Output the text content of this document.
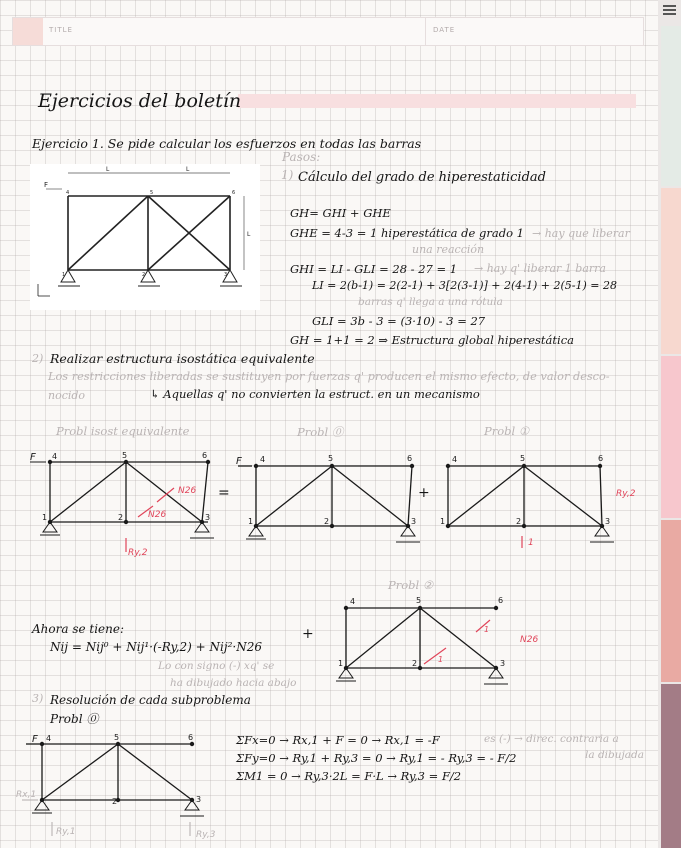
TITLE	DATE
Ejercicios del boletín
Ejercicio 1. Se pide calcular los esfuerzos en todas las barras
Pasos:
1) Cálculo del grado de hiperestaticidad
GH= GHI + GHE
GHE = 4-3 = 1 hiperestática de grado 1 → hay que liberar
una reacción
GHI = LI - GLI = 28 - 27 = 1 → hay q' liberar 1 barra
LI = 2(b-1) = 2(2-1) + 3[2(3-1)] + 2(4-1) + 2(5-1) = 28
barras q' llega a una rótula
GLI = 3b - 3 = (3·10) - 3 = 27
GH = 1+1 = 2 ⇒ Estructura global hiperestática
2) Realizar estructura isostática equivalente
Los restricciones liberadas se sustituyen por fuerzas q' producen el mismo efecto, de valor desco-
nocido	↳ Aquellas q' no convierten la estruct. en un mecanismo
Probl isost equivalente	Probl ⓪	Probl ①
=	+
Probl ②
Ahora se tiene:
Nij = Nij⁰ + Nij¹·(-Ry,2) + Nij²·N26
+
Lo con signo (-) xq' se
ha dibujado hacia abajo
3) Resolución de cada subproblema
Probl ⓪
ΣFx=0 → Rx,1 + F = 0 → Rx,1 = -F	es (-) → direc. contraria a
la dibujada
ΣFy=0 → Ry,1 + Ry,3 = 0 → Ry,1 = - Ry,3 = - F/2
ΣM1 = 0 → Ry,3·2L = F·L → Ry,3 = F/2
F
L	L
L
4	5	6
1	2	3
F 4	5	6
1	2	3
N26
N26
Ry,2
F 4	5	6
1	2	3
4	5	6
1	2	3
1
Ry,2
4	5	6
1	2	3
1
1
N26
F 4	5	6
3
2
Rx,1
Ry,1	Ry,3
